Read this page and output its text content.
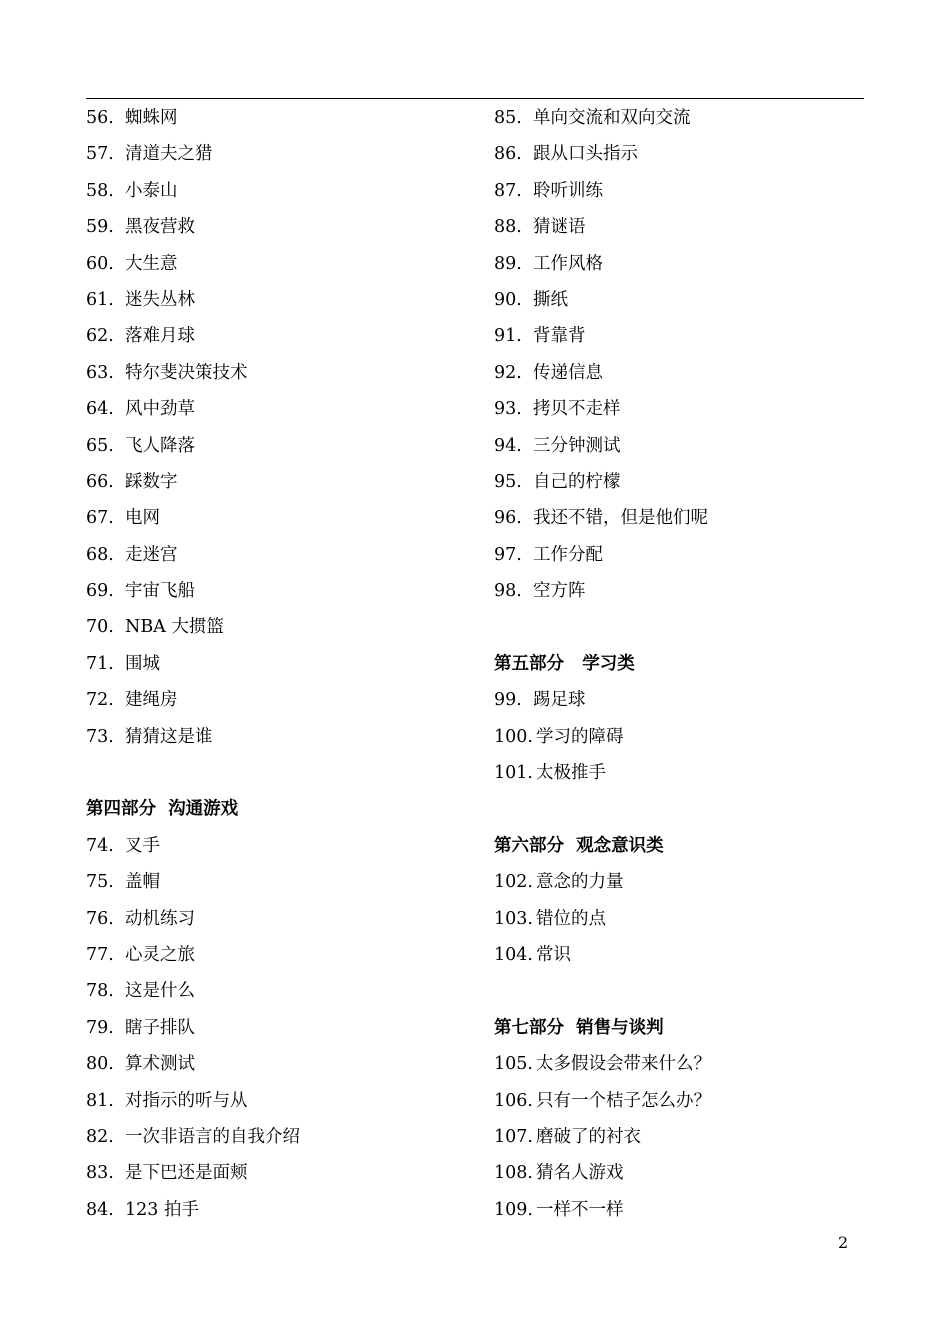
56. 蜘蛛网
57. 清道夫之猎
58. 小泰山
59. 黑夜营救
60. 大生意
61. 迷失丛林
62. 落难月球
63. 特尔斐决策技术
64. 风中劲草
65. 飞人降落
66. 踩数字
67. 电网
68. 走迷宫
69. 宇宙飞船
70. NBA 大掼篮
71. 围城
72. 建绳房
73. 猜猜这是谁
第四部分  沟通游戏
74. 叉手
75. 盖帽
76. 动机练习
77. 心灵之旅
78. 这是什么
79. 瞎子排队
80. 算术测试
81. 对指示的听与从
82. 一次非语言的自我介绍
83. 是下巴还是面颊
84. 123 拍手
85. 单向交流和双向交流
86. 跟从口头指示
87. 聆听训练
88. 猜谜语
89. 工作风格
90. 撕纸
91. 背靠背
92. 传递信息
93. 拷贝不走样
94. 三分钟测试
95. 自己的柠檬
96. 我还不错，但是他们呢
97. 工作分配
98. 空方阵
第五部分   学习类
99. 踢足球
100. 学习的障碍
101. 太极推手
第六部分  观念意识类
102. 意念的力量
103. 错位的点
104. 常识
第七部分  销售与谈判
105. 太多假设会带来什么？
106. 只有一个桔子怎么办？
107. 磨破了的衬衣
108. 猜名人游戏
109. 一样不一样
2
